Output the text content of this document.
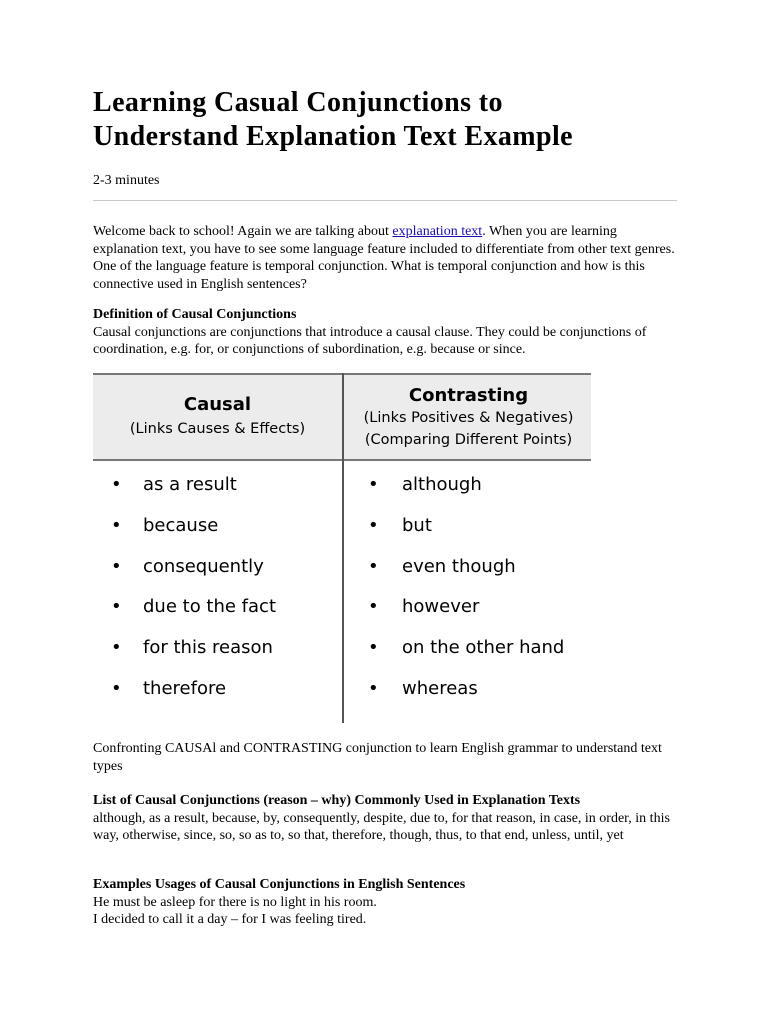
Learning Casual Conjunctions to
Understand Explanation Text Example
2-3 minutes

Welcome back to school! Again we are talking about explanation text. When you are learning explanation text, you have to see some language feature included to differentiate from other text genres. One of the language feature is temporal conjunction. What is temporal conjunction and how is this connective used in English sentences?

Definition of Causal Conjunctions
Causal conjunctions are conjunctions that introduce a causal clause. They could be conjunctions of coordination, e.g. for, or conjunctions of subordination, e.g. because or since.
Causal
(Links Causes & Effects)
• as a result
• because
• consequently
• due to the fact
• for this reason
• therefore
Contrasting
(Links Positives & Negatives)
(Comparing Different Points)
• although
• but
• even though
• however
• on the other hand
• whereas
Confronting CAUSAl and CONTRASTING conjunction to learn English grammar to understand text types
List of Causal Conjunctions (reason – why) Commonly Used in Explanation Texts
although, as a result, because, by, consequently, despite, due to, for that reason, in case, in order, in this way, otherwise, since, so, so as to, so that, therefore, though, thus, to that end, unless, until, yet
Examples Usages of Causal Conjunctions in English Sentences
He must be asleep for there is no light in his room.
I decided to call it a day – for I was feeling tired.
